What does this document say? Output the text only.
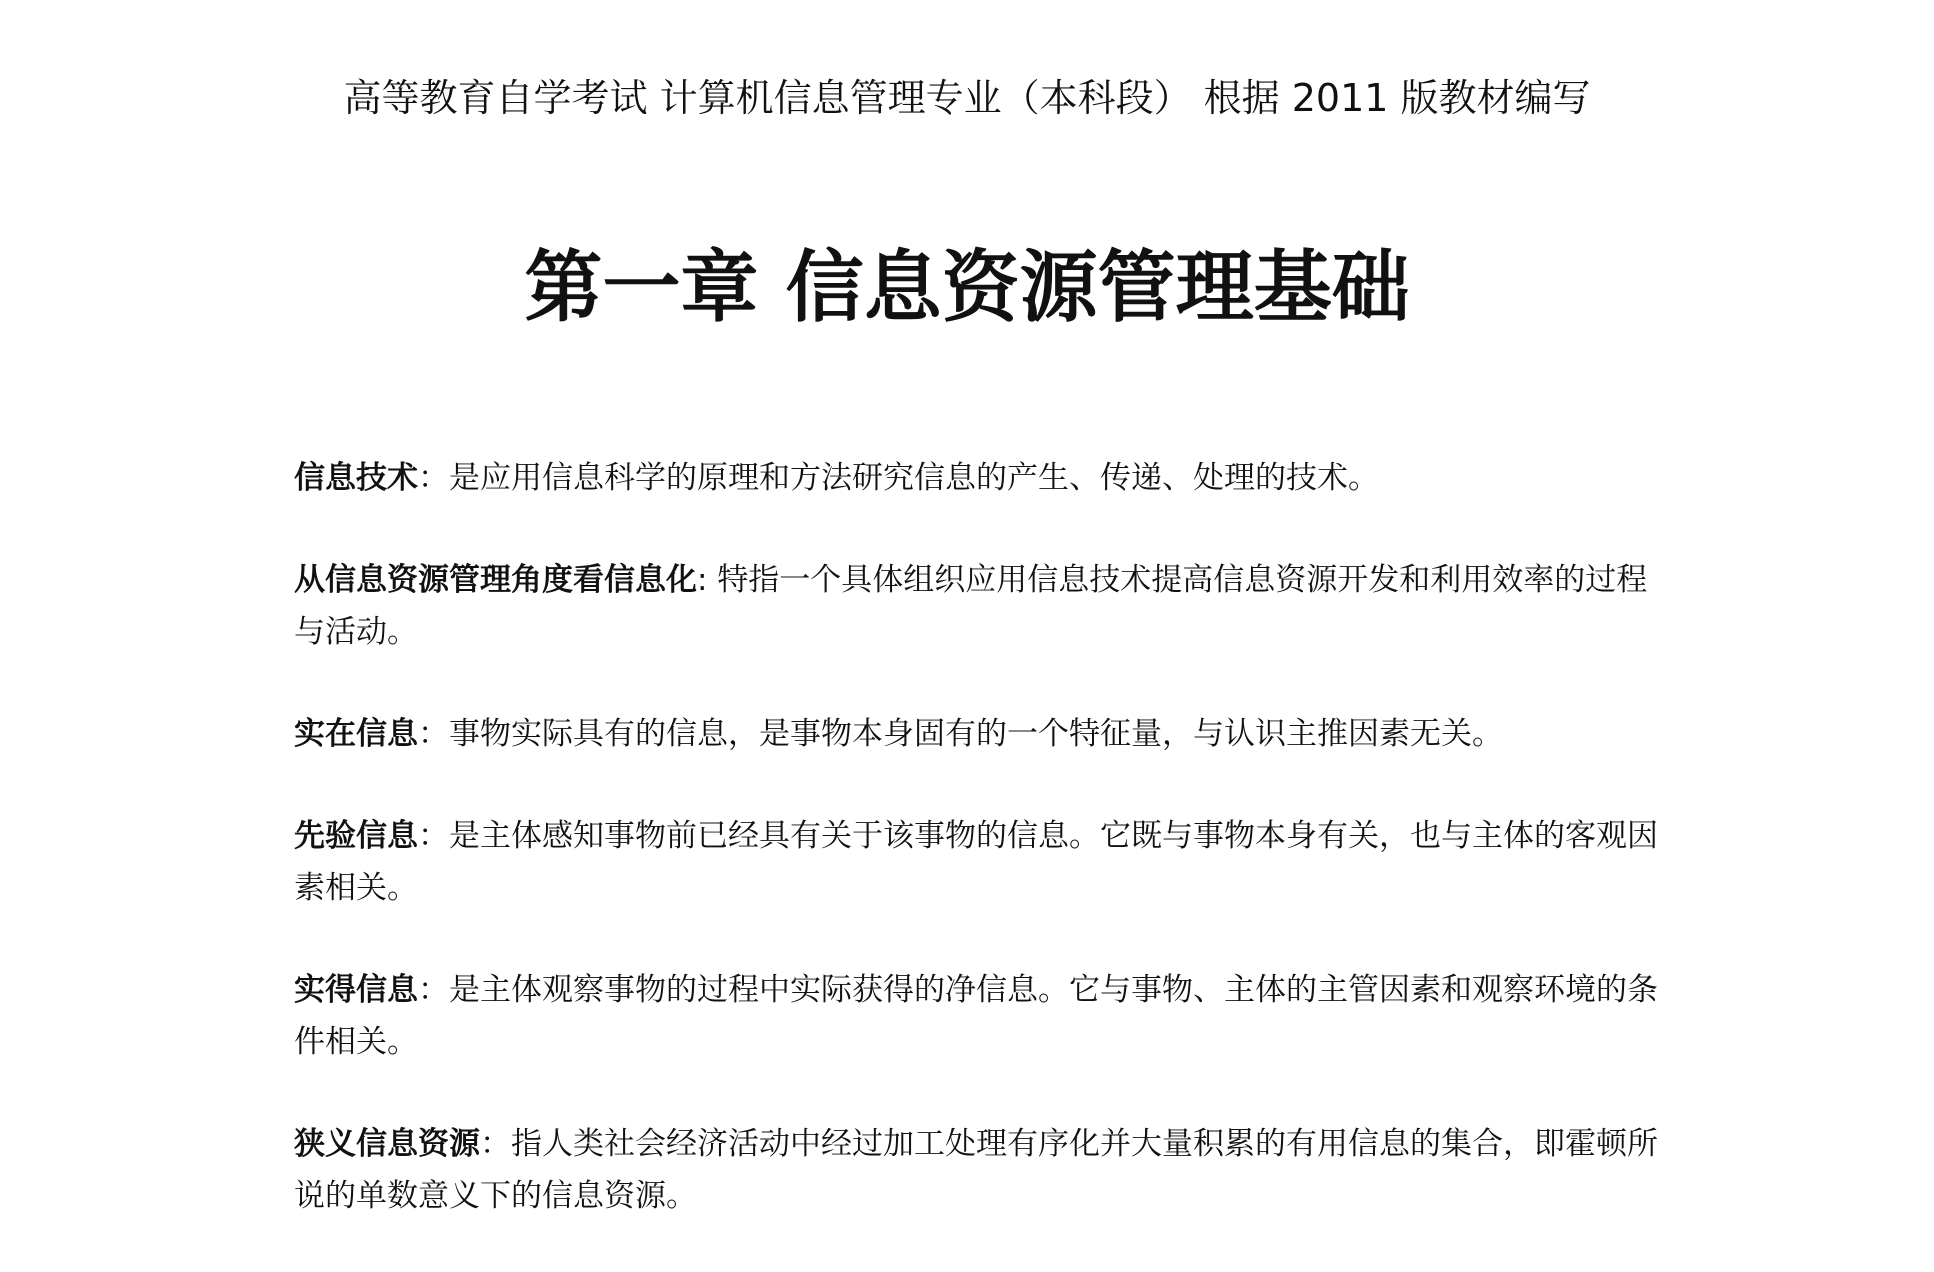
高等教育自学考试 计算机信息管理专业（本科段） 根据 2011 版教材编写
第一章 信息资源管理基础

信息技术：是应用信息科学的原理和方法研究信息的产生、传递、处理的技术。

从信息资源管理角度看信息化: 特指一个具体组织应用信息技术提高信息资源开发和利用效率的过程与活动。

实在信息：事物实际具有的信息，是事物本身固有的一个特征量，与认识主推因素无关。

先验信息：是主体感知事物前已经具有关于该事物的信息。它既与事物本身有关，也与主体的客观因素相关。

实得信息：是主体观察事物的过程中实际获得的净信息。它与事物、主体的主管因素和观察环境的条件相关。

狭义信息资源：指人类社会经济活动中经过加工处理有序化并大量积累的有用信息的集合，即霍顿所说的单数意义下的信息资源。
